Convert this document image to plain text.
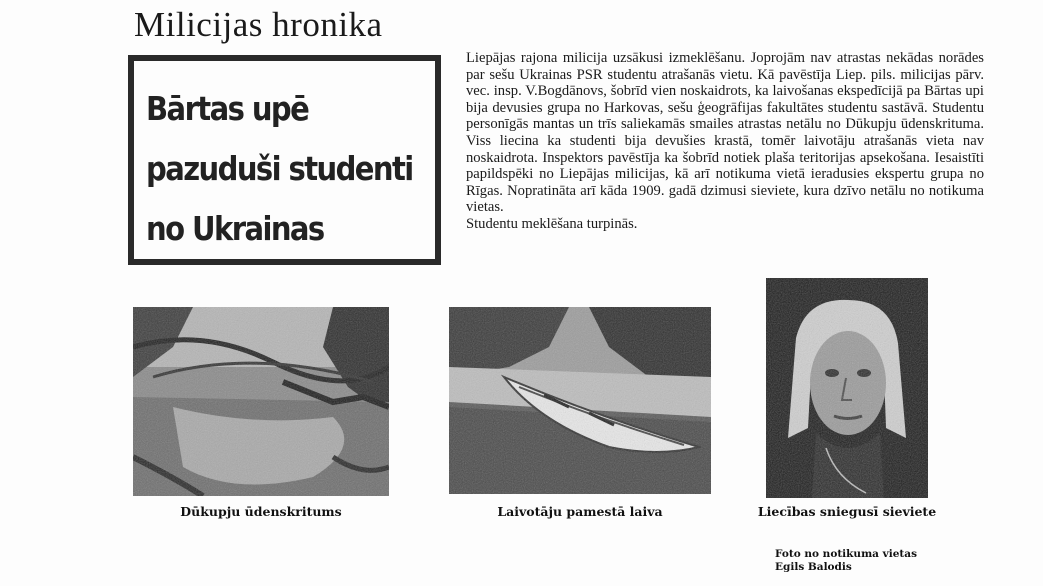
Milicijas hronika
Bārtas upē
pazuduši studenti
no Ukrainas
Liepājas rajona milicija uzsākusi izmeklēšanu. Joprojām nav atrastas nekādas norādes par sešu Ukrainas PSR studentu atrašanās vietu. Kā pavēstīja Liep. pils. milicijas pārv. vec. insp. V.Bogdānovs, šobrīd vien noskaidrots, ka laivošanas ekspedīcijā pa Bārtas upi bija devusies grupa no Harkovas, sešu ģeogrāfijas fakultātes studentu sastāvā. Studentu personīgās mantas un trīs saliekamās smailes atrastas netālu no Dūkupju ūdenskrituma. Viss liecina ka studenti bija devušies krastā, tomēr laivotāju atrašanās vieta nav noskaidrota. Inspektors pavēstīja ka šobrīd notiek plaša teritorijas apsekošana. Iesaistīti papildspēki no Liepājas milicijas, kā arī notikuma vietā ieradusies ekspertu grupa no Rīgas. Nopratināta arī kāda 1909. gadā dzimusi sieviete, kura dzīvo netālu no notikuma vietas.
Studentu meklēšana turpinās.
Dūkupju ūdenskritums	Laivotāju pamestā laiva	Liecības sniegusī sieviete
Foto no notikuma vietas
Egils Balodis
